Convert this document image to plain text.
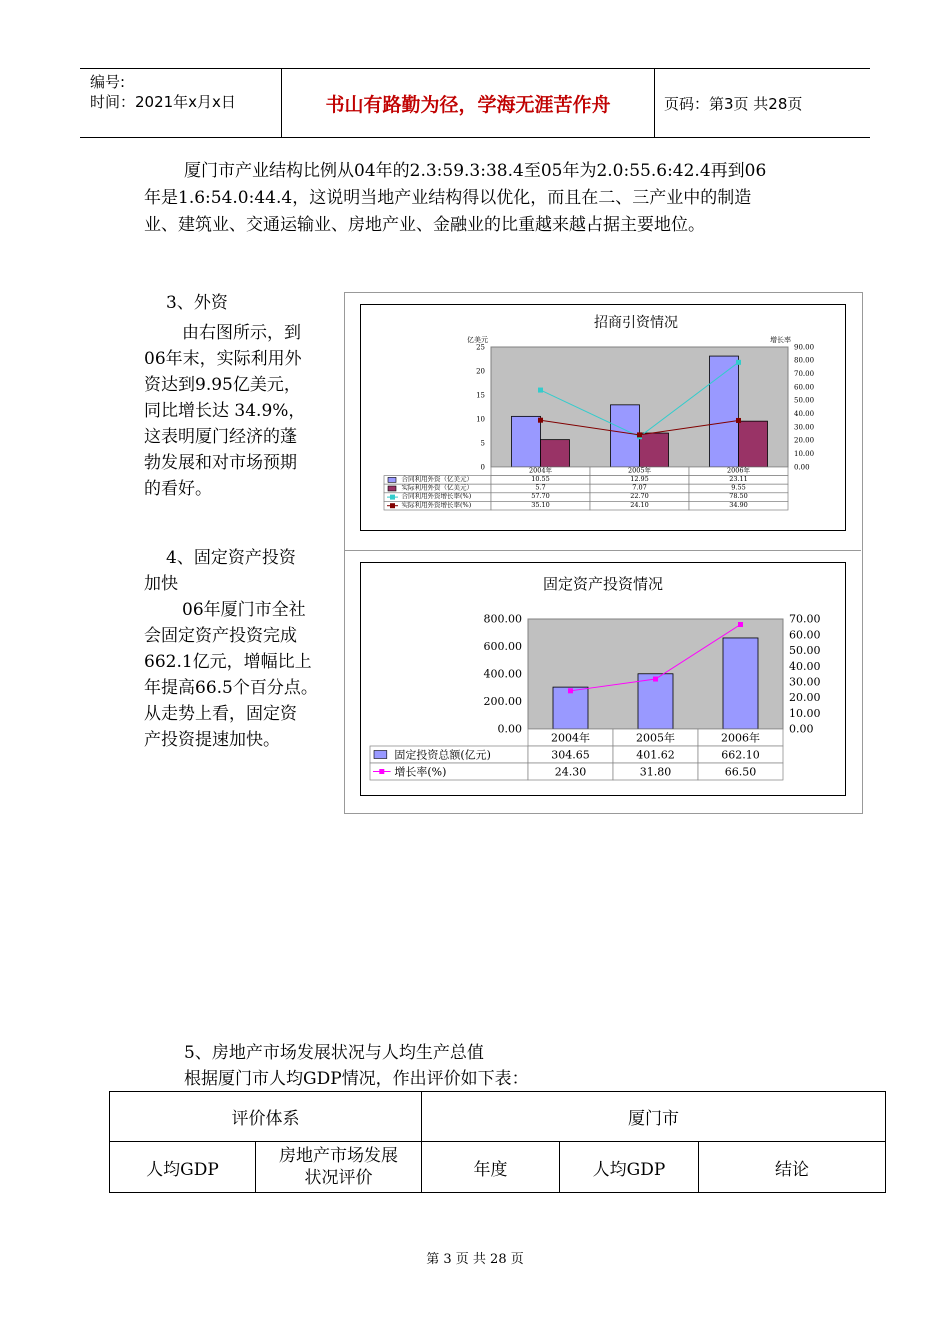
编号:
时间：2021年x月x日	书山有路勤为径，学海无涯苦作舟	页码：第3页 共28页
厦门市产业结构比例从04年的2.3:59.3:38.4至05年为2.0:55.6:42.4再到06
年是1.6:54.0:44.4，这说明当地产业结构得以优化，而且在二、三产业中的制造
业、建筑业、交通运输业、房地产业、金融业的比重越来越占据主要地位。
3、外资
由右图所示，到
06年末，实际利用外
资达到9.95亿美元，
同比增长达 34.9%，
这表明厦门经济的蓬
勃发展和对市场预期
的看好。
4、固定资产投资
加快
06年厦门市全社
会固定资产投资完成
662.1亿元，增幅比上
年提高66.5个百分点。
从走势上看，固定资
产投资提速加快。
招商引资情况
0
5
10
15
20
25
0.00
10.00
20.00
30.00
40.00
50.00
60.00
70.00
80.00
90.00
亿美元	增长率
2004年	2005年	2006年
合同利用外资（亿美元）	10.55	12.95	23.11
实际利用外资（亿美元）	5.7	7.07	9.55
合同利用外资增长率(%)	57.70	22.70	78.50
实际利用外资增长率(%)	35.10	24.10	34.90
固定资产投资情况
0.00
200.00
400.00
600.00
800.00
0.00
10.00
20.00
30.00
40.00
50.00
60.00
70.00
2004年	2005年	2006年
固定投资总额(亿元)	304.65	401.62	662.10
增长率(%)	24.30	31.80	66.50
5、房地产市场发展状况与人均生产总值
根据厦门市人均GDP情况，作出评价如下表：
评价体系		厦门市		
人均GDP	房地产市场发展
状况评价	年度	人均GDP	结论
第 3 页 共 28 页
